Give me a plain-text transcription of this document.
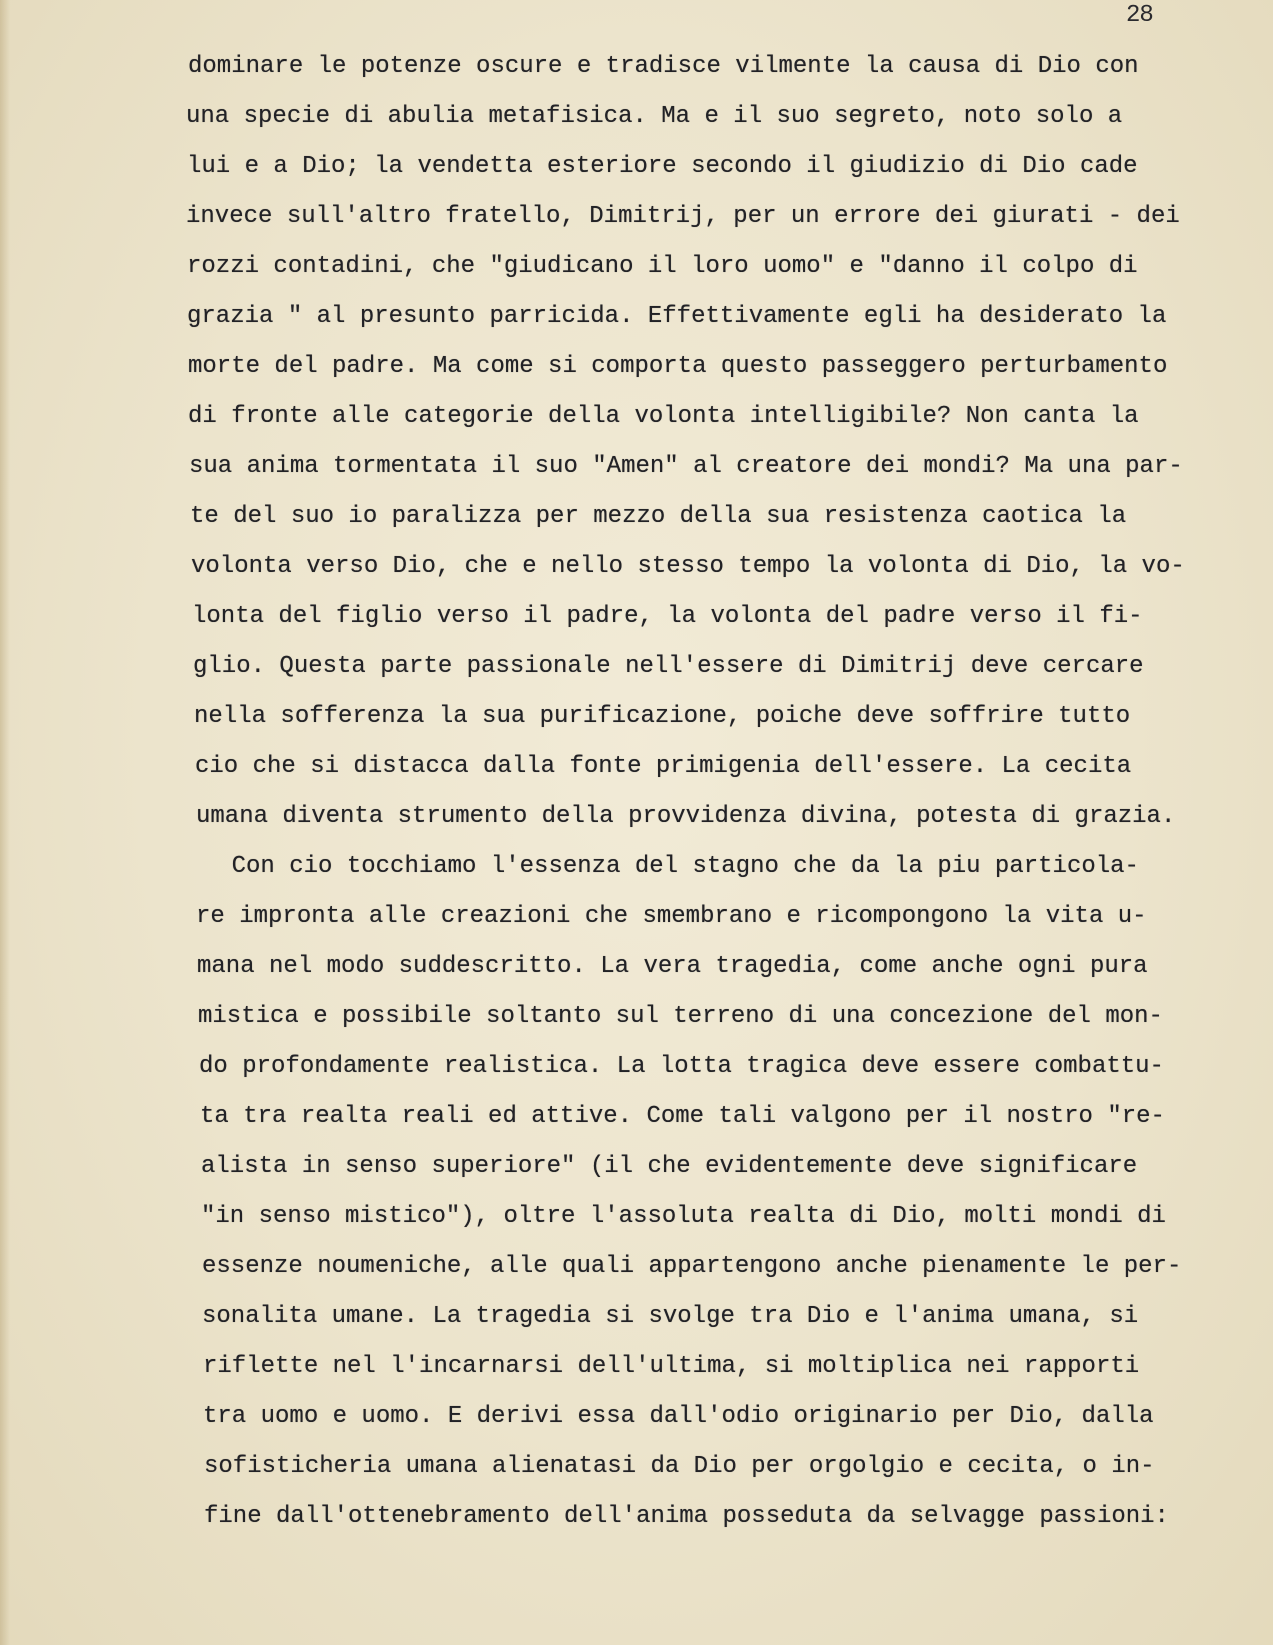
28
dominare le potenze oscure e tradisce vilmente la causa di Dio con
una specie di abulia metafisica. Ma e il suo segreto, noto solo a
lui e a Dio; la vendetta esteriore secondo il giudizio di Dio cade
invece sull'altro fratello, Dimitrij, per un errore dei giurati - dei
rozzi contadini, che "giudicano il loro uomo" e "danno il colpo di
grazia " al presunto parricida. Effettivamente egli ha desiderato la
morte del padre. Ma come si comporta questo passeggero perturbamento
di fronte alle categorie della volonta intelligibile? Non canta la
sua anima tormentata il suo "Amen" al creatore dei mondi? Ma una par-
te del suo io paralizza per mezzo della sua resistenza caotica la
volonta verso Dio, che e nello stesso tempo la volonta di Dio, la vo-
lonta del figlio verso il padre, la volonta del padre verso il fi-
glio. Questa parte passionale nell'essere di Dimitrij deve cercare
nella sofferenza la sua purificazione, poiche deve soffrire tutto
cio che si distacca dalla fonte primigenia dell'essere. La cecita
umana diventa strumento della provvidenza divina, potesta di grazia.
Con cio tocchiamo l'essenza del stagno che da la piu particola-
re impronta alle creazioni che smembrano e ricompongono la vita u-
mana nel modo suddescritto. La vera tragedia, come anche ogni pura
mistica e possibile soltanto sul terreno di una concezione del mon-
do profondamente realistica. La lotta tragica deve essere combattu-
ta tra realta reali ed attive. Come tali valgono per il nostro "re-
alista in senso superiore" (il che evidentemente deve significare
"in senso mistico"), oltre l'assoluta realta di Dio, molti mondi di
essenze noumeniche, alle quali appartengono anche pienamente le per-
sonalita umane. La tragedia si svolge tra Dio e l'anima umana, si
riflette nel l'incarnarsi dell'ultima, si moltiplica nei rapporti
tra uomo e uomo. E derivi essa dall'odio originario per Dio, dalla
sofisticheria umana alienatasi da Dio per orgolgio e cecita, o in-
fine dall'ottenebramento dell'anima posseduta da selvagge passioni:
